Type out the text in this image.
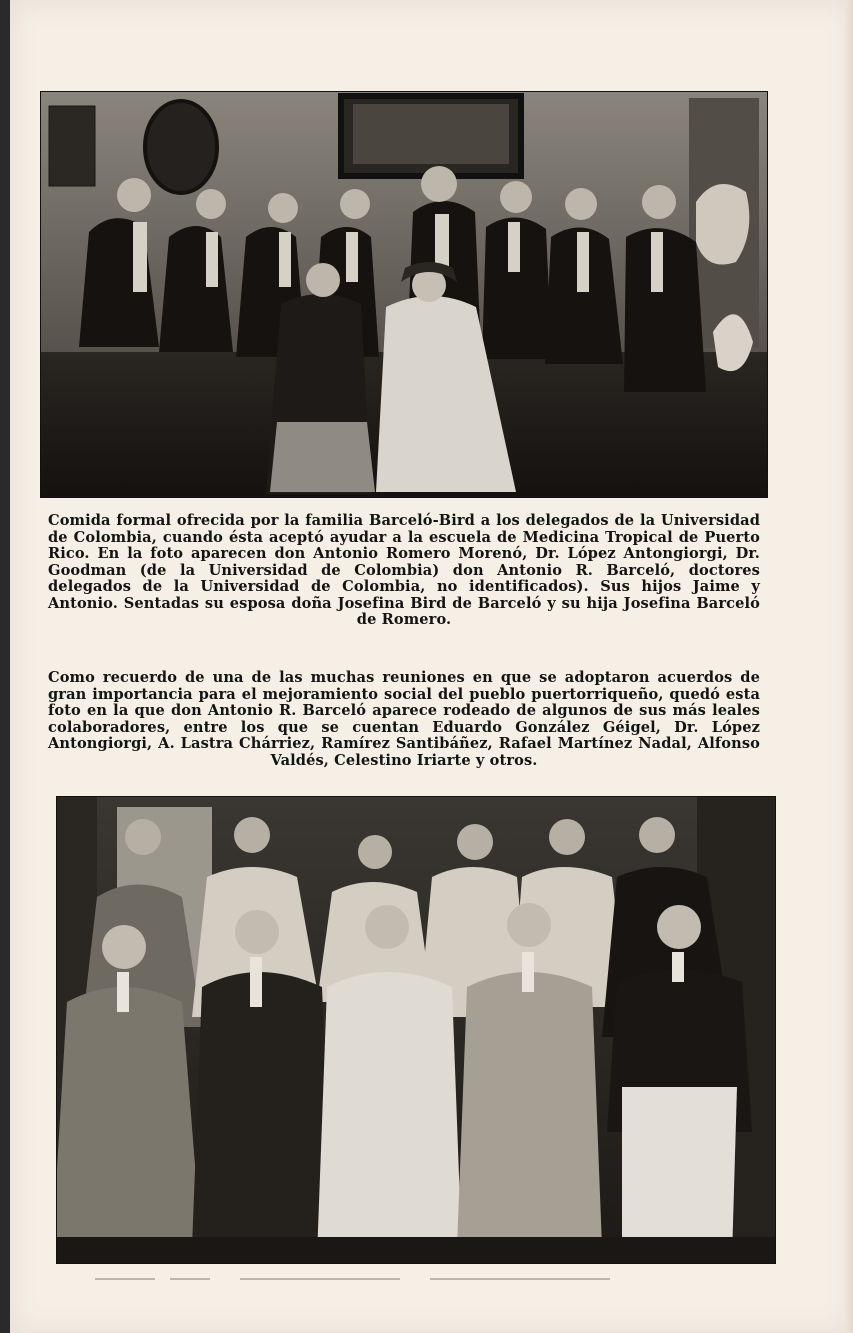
Comida formal ofrecida por la familia Barceló-Bird a los delegados de la Universidad de Colombia, cuando ésta aceptó ayudar a la escuela de Medicina Tropical de Puerto Rico. En la foto aparecen don Antonio Romero Morenó, Dr. López Antongiorgi, Dr. Goodman (de la Universidad de Colombia) don Antonio R. Barceló, doctores delegados de la Universidad de Colombia, no identificados). Sus hijos Jaime y Antonio. Sentadas su esposa doña Josefina Bird de Barceló y su hija Josefina Barceló de Romero.
Como recuerdo de una de las muchas reuniones en que se adoptaron acuerdos de gran importancia para el mejoramiento social del pueblo puertorriqueño, quedó esta foto en la que don Antonio R. Barceló aparece rodeado de algunos de sus más leales colaboradores, entre los que se cuentan Eduardo González Géigel, Dr. López Antongiorgi, A. Lastra Chárriez, Ramírez Santibáñez, Rafael Martínez Nadal, Alfonso Valdés, Celestino Iriarte y otros.
